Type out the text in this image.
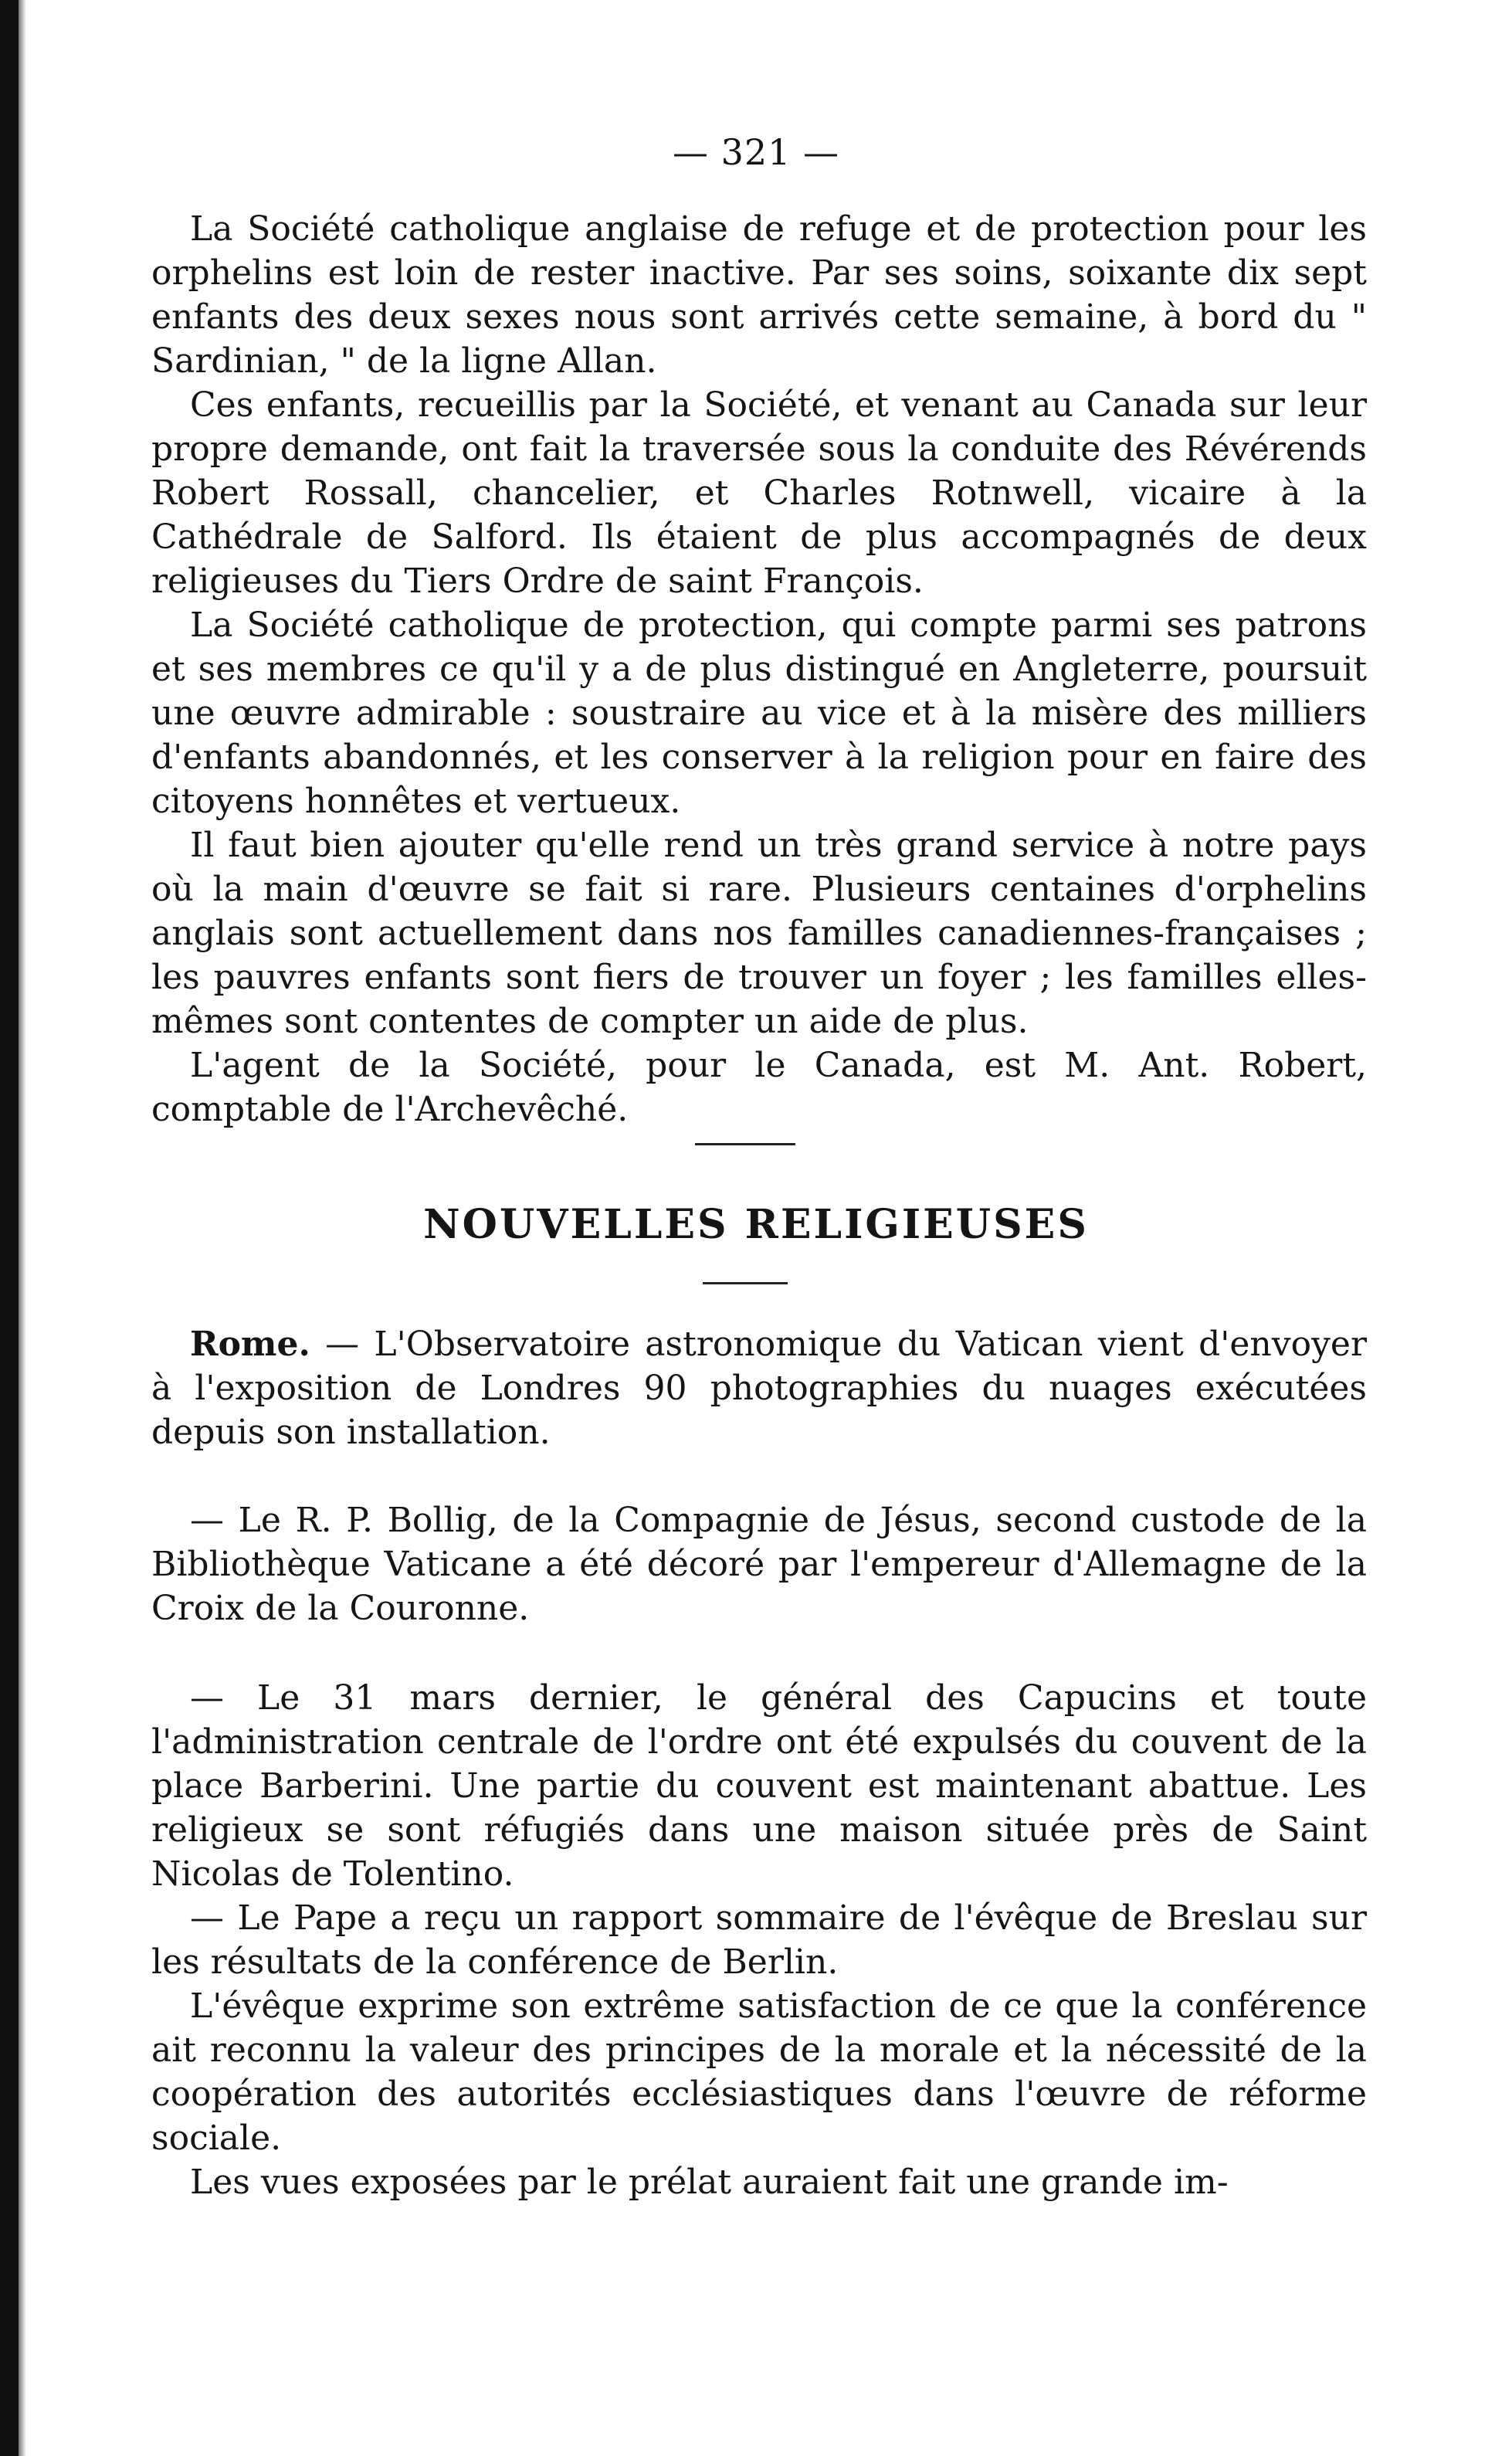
— 321 —

La Société catholique anglaise de refuge et de protection pour les orphelins est loin de rester inactive. Par ses soins, soixante dix sept enfants des deux sexes nous sont arrivés cette semaine, à bord du " Sardinian, " de la ligne Allan.

Ces enfants, recueillis par la Société, et venant au Canada sur leur propre demande, ont fait la traversée sous la conduite des Révérends Robert Rossall, chancelier, et Charles Rotnwell, vicaire à la Cathédrale de Salford. Ils étaient de plus accompagnés de deux religieuses du Tiers Ordre de saint François.

La Société catholique de protection, qui compte parmi ses patrons et ses membres ce qu'il y a de plus distingué en Angleterre, poursuit une œuvre admirable : soustraire au vice et à la misère des milliers d'enfants abandonnés, et les conserver à la religion pour en faire des citoyens honnêtes et vertueux.

Il faut bien ajouter qu'elle rend un très grand service à notre pays où la main d'œuvre se fait si rare. Plusieurs centaines d'orphelins anglais sont actuellement dans nos familles canadiennes-françaises ; les pauvres enfants sont fiers de trouver un foyer ; les familles elles-mêmes sont contentes de compter un aide de plus.

L'agent de la Société, pour le Canada, est M. Ant. Robert, comptable de l'Archevêché.

NOUVELLES RELIGIEUSES

Rome. — L'Observatoire astronomique du Vatican vient d'envoyer à l'exposition de Londres 90 photographies du nuages exécutées depuis son installation.

— Le R. P. Bollig, de la Compagnie de Jésus, second custode de la Bibliothèque Vaticane a été décoré par l'empereur d'Allemagne de la Croix de la Couronne.

— Le 31 mars dernier, le général des Capucins et toute l'administration centrale de l'ordre ont été expulsés du couvent de la place Barberini. Une partie du couvent est maintenant abattue. Les religieux se sont réfugiés dans une maison située près de Saint Nicolas de Tolentino.

— Le Pape a reçu un rapport sommaire de l'évêque de Breslau sur les résultats de la conférence de Berlin.

L'évêque exprime son extrême satisfaction de ce que la conférence ait reconnu la valeur des principes de la morale et la nécessité de la coopération des autorités ecclésiastiques dans l'œuvre de réforme sociale.

Les vues exposées par le prélat auraient fait une grande im-
